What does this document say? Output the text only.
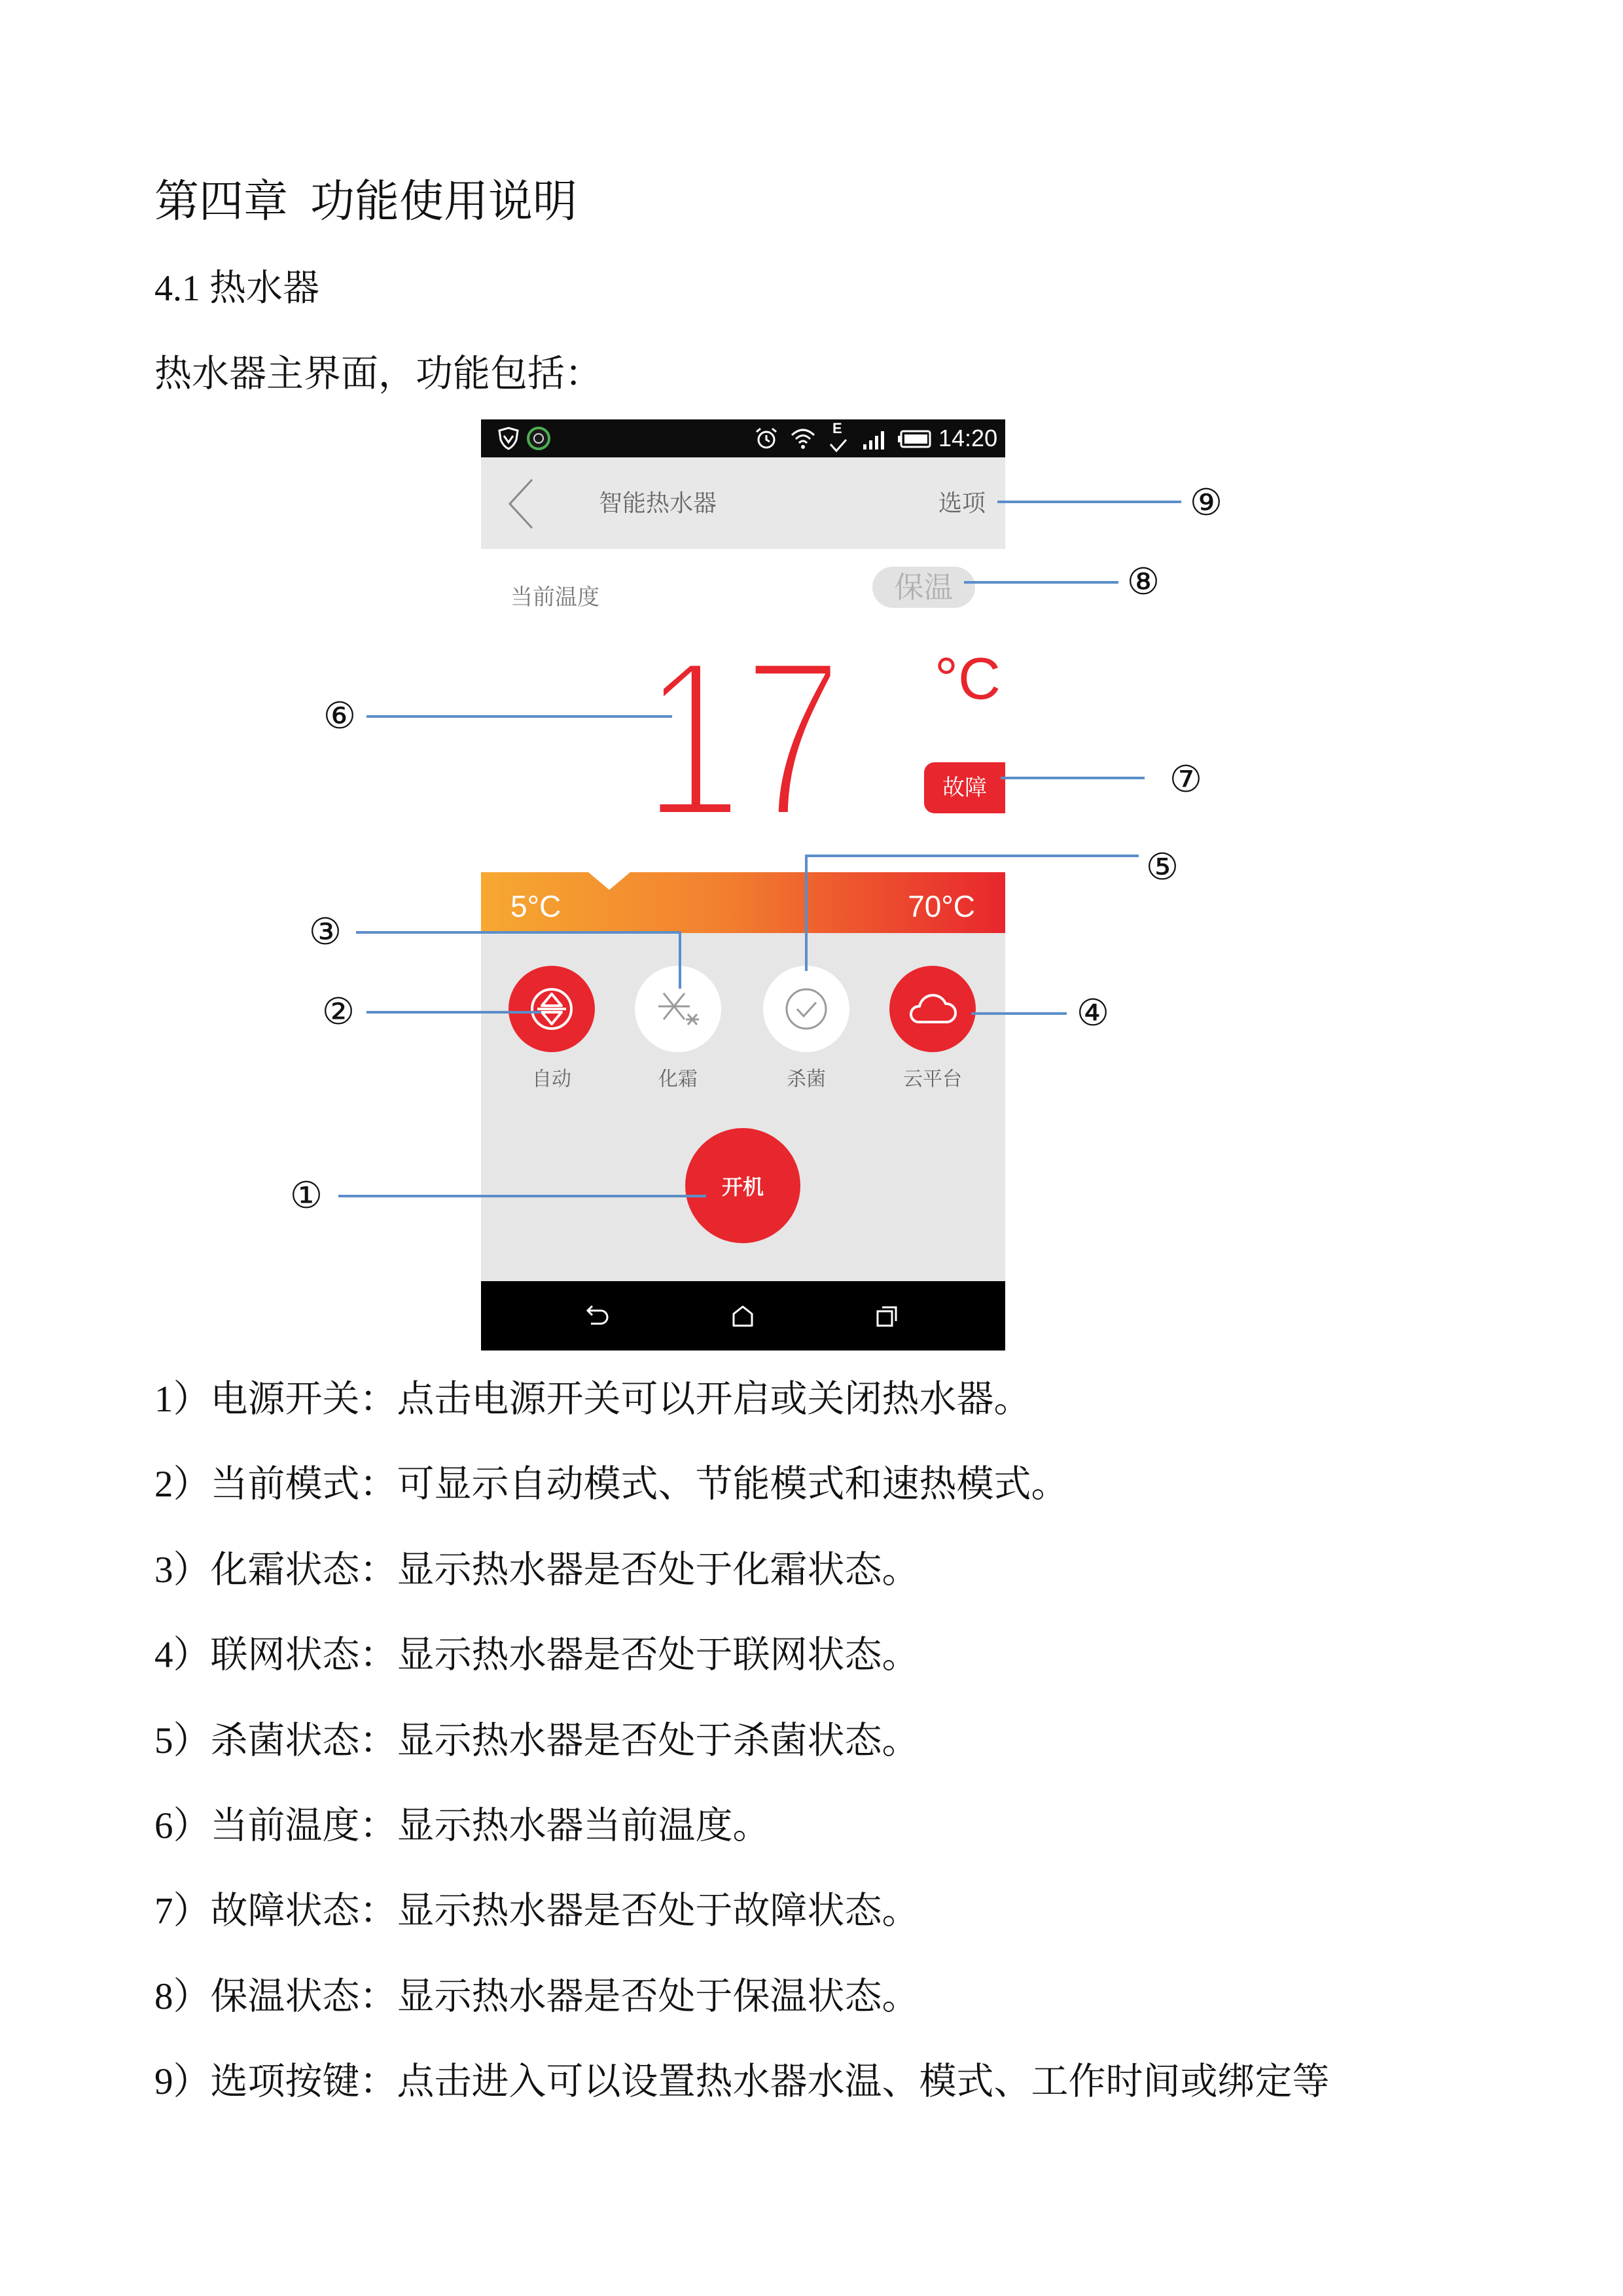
第四章  功能使用说明
4.1 热水器
热水器主界面，功能包括：
E	14:20
智能热水器	选项
当前温度	保温
17 °C
故障
5°C	70°C
自动	化霜	杀菌	云平台
开机
①
②
③
④
⑤
⑥
⑦
⑧
⑨
1）电源开关：点击电源开关可以开启或关闭热水器。
2）当前模式：可显示自动模式、节能模式和速热模式。
3）化霜状态：显示热水器是否处于化霜状态。
4）联网状态：显示热水器是否处于联网状态。
5）杀菌状态：显示热水器是否处于杀菌状态。
6）当前温度：显示热水器当前温度。
7）故障状态：显示热水器是否处于故障状态。
8）保温状态：显示热水器是否处于保温状态。
9）选项按键：点击进入可以设置热水器水温、模式、工作时间或绑定等
